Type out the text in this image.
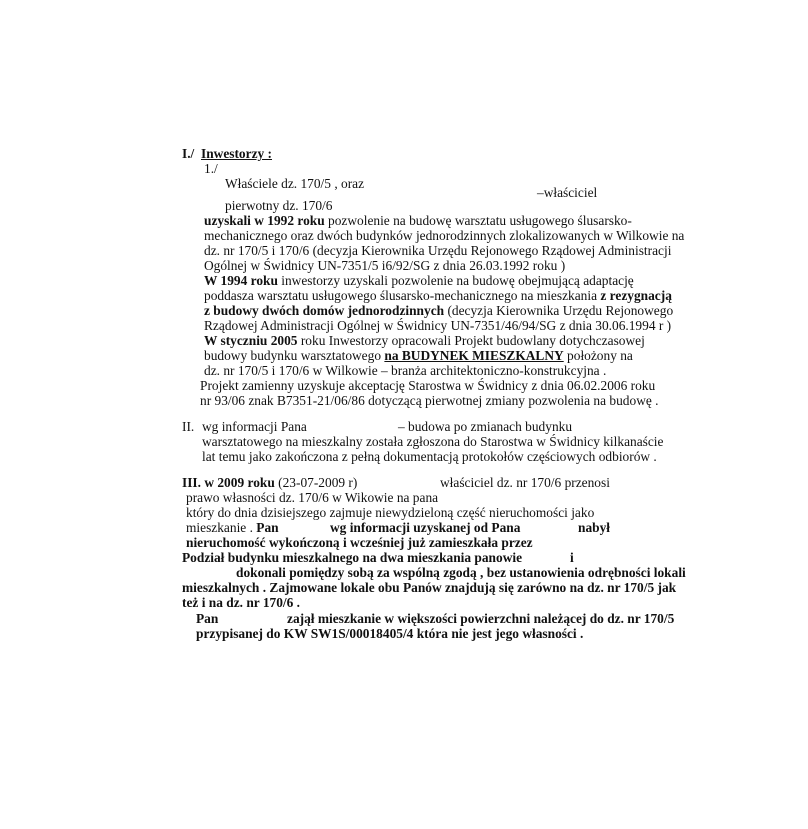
I./ Inwestorzy :
1./
Właściele dz. 170/5 , oraz
–właściciel
pierwotny dz. 170/6
uzyskali w 1992 roku pozwolenie na budowę warsztatu usługowego ślusarsko-
mechanicznego oraz dwóch budynków jednorodzinnych zlokalizowanych w Wilkowie na
dz. nr 170/5 i 170/6 (decyzja Kierownika Urzędu Rejonowego Rządowej Administracji
Ogólnej w Świdnicy UN-7351/5 i6/92/SG z dnia 26.03.1992 roku )
W 1994 roku inwestorzy uzyskali pozwolenie na budowę obejmującą adaptację
poddasza warsztatu usługowego ślusarsko-mechanicznego na mieszkania z rezygnacją
z budowy dwóch domów jednorodzinnych (decyzja Kierownika Urzędu Rejonowego
Rządowej Administracji Ogólnej w Świdnicy UN-7351/46/94/SG z dnia 30.06.1994 r )
W styczniu 2005 roku Inwestorzy opracowali Projekt budowlany dotychczasowej
budowy budynku warsztatowego na BUDYNEK MIESZKALNY położony na
dz. nr 170/5 i 170/6 w Wilkowie – branża architektoniczno-konstrukcyjna .
Projekt zamienny uzyskuje akceptację Starostwa w Świdnicy z dnia 06.02.2006 roku
nr 93/06 znak B7351-21/06/86 dotyczącą pierwotnej zmiany pozwolenia na budowę .
II. wg informacji Pana	– budowa po zmianach budynku
warsztatowego na mieszkalny została zgłoszona do Starostwa w Świdnicy kilkanaście
lat temu jako zakończona z pełną dokumentacją protokołów częściowych odbiorów .
III. w 2009 roku (23-07-2009 r)	właściciel dz. nr 170/6 przenosi
prawo własności dz. 170/6 w Wikowie na pana
który do dnia dzisiejszego zajmuje niewydzieloną część nieruchomości jako
mieszkanie . Pan	wg informacji uzyskanej od Pana	nabył
nieruchomość wykończoną i wcześniej już zamieszkała przez
Podział budynku mieszkalnego na dwa mieszkania panowie	i
dokonali pomiędzy sobą za wspólną zgodą , bez ustanowienia odrębności lokali
mieszkalnych . Zajmowane lokale obu Panów znajdują się zarówno na dz. nr 170/5 jak
też i na dz. nr 170/6 .
Pan	zajął mieszkanie w większości powierzchni należącej do dz. nr 170/5
przypisanej do KW SW1S/00018405/4 która nie jest jego własności .
